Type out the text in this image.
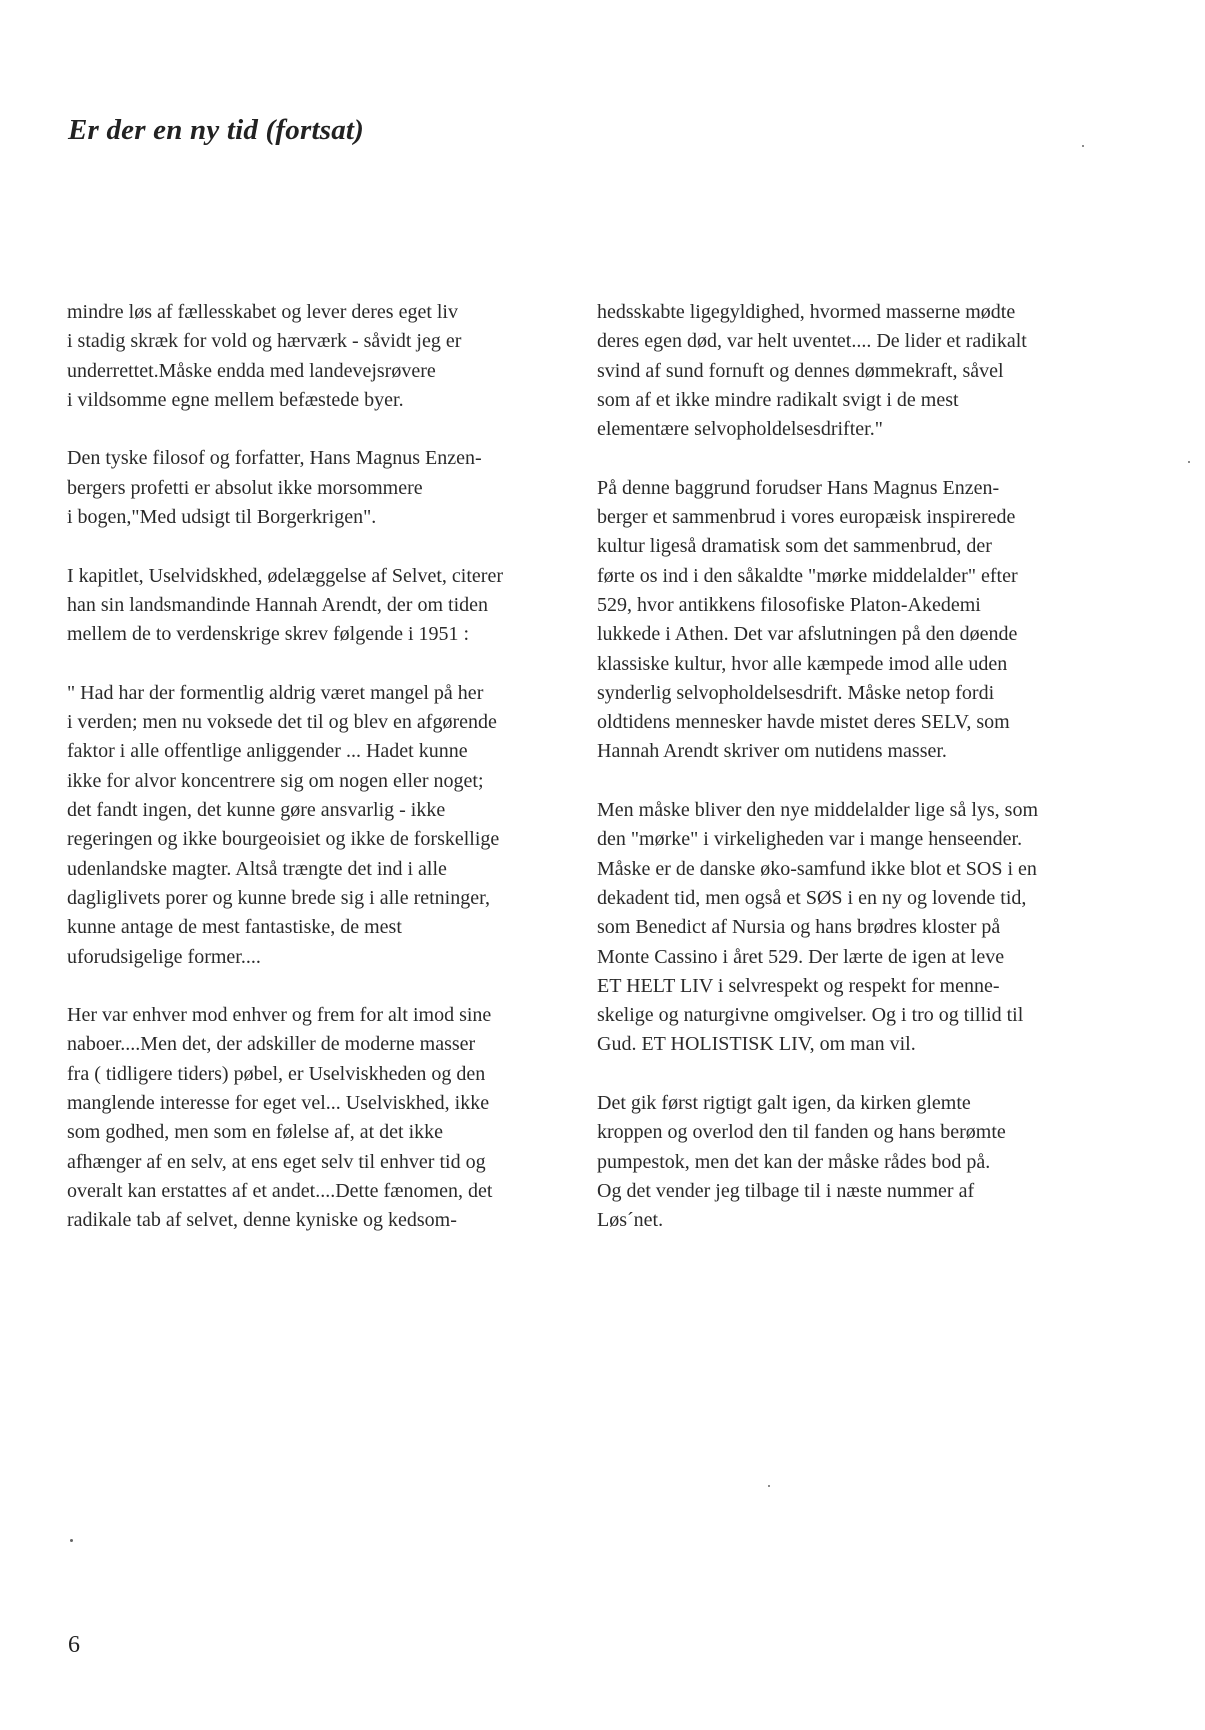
Er der en ny tid (fortsat)

mindre løs af fællesskabet og lever deres eget liv
i stadig skræk for vold og hærværk - såvidt jeg er
underrettet.Måske endda med landevejsrøvere
i vildsomme egne mellem befæstede byer.

Den tyske filosof og forfatter, Hans Magnus Enzen-
bergers profetti er absolut ikke morsommere
i bogen,"Med udsigt til Borgerkrigen".

I kapitlet, Uselvidskhed, ødelæggelse af Selvet, citerer
han sin landsmandinde Hannah Arendt, der om tiden
mellem de to verdenskrige skrev følgende i 1951 :

" Had har der formentlig aldrig været mangel på her
i verden; men nu voksede det til og blev en afgørende
faktor i alle offentlige anliggender ... Hadet kunne
ikke for alvor koncentrere sig om nogen eller noget;
det fandt ingen, det kunne gøre ansvarlig - ikke
regeringen og ikke bourgeoisiet og ikke de forskellige
udenlandske magter. Altså trængte det ind i alle
dagliglivets porer og kunne brede sig i alle retninger,
kunne antage de mest fantastiske, de mest
uforudsigelige former....

Her var enhver mod enhver og frem for alt imod sine
naboer....Men det, der adskiller de moderne masser
fra ( tidligere tiders) pøbel, er Uselviskheden og den
manglende interesse for eget vel... Uselviskhed, ikke
som godhed, men som en følelse af, at det ikke
afhænger af en selv, at ens eget selv til enhver tid og
overalt kan erstattes af et andet....Dette fænomen, det
radikale tab af selvet, denne kyniske og kedsom-

hedsskabte ligegyldighed, hvormed masserne mødte
deres egen død, var helt uventet.... De lider et radikalt
svind af sund fornuft og dennes dømmekraft, såvel
som af et ikke mindre radikalt svigt i de mest
elementære selvopholdelsesdrifter."

På denne baggrund forudser Hans Magnus Enzen-
berger et sammenbrud i vores europæisk inspirerede
kultur ligeså dramatisk som det sammenbrud, der
førte os ind i den såkaldte "mørke middelalder" efter
529, hvor antikkens filosofiske Platon-Akedemi
lukkede i Athen. Det var afslutningen på den døende
klassiske kultur, hvor alle kæmpede imod alle uden
synderlig selvopholdelsesdrift. Måske netop fordi
oldtidens mennesker havde mistet deres SELV, som
Hannah Arendt skriver om nutidens masser.

Men måske bliver den nye middelalder lige så lys, som
den "mørke" i virkeligheden var i mange henseender.
Måske er de danske øko-samfund ikke blot et SOS i en
dekadent tid, men også et SØS i en ny og lovende tid,
som Benedict af Nursia og hans brødres kloster på
Monte Cassino i året 529. Der lærte de igen at leve
ET HELT LIV i selvrespekt og respekt for menne-
skelige og naturgivne omgivelser. Og i tro og tillid til
Gud. ET HOLISTISK LIV, om man vil.

Det gik først rigtigt galt igen, da kirken glemte
kroppen og overlod den til fanden og hans berømte
pumpestok, men det kan der måske rådes bod på.
Og det vender jeg tilbage til i næste nummer af
Løs´net.

6
